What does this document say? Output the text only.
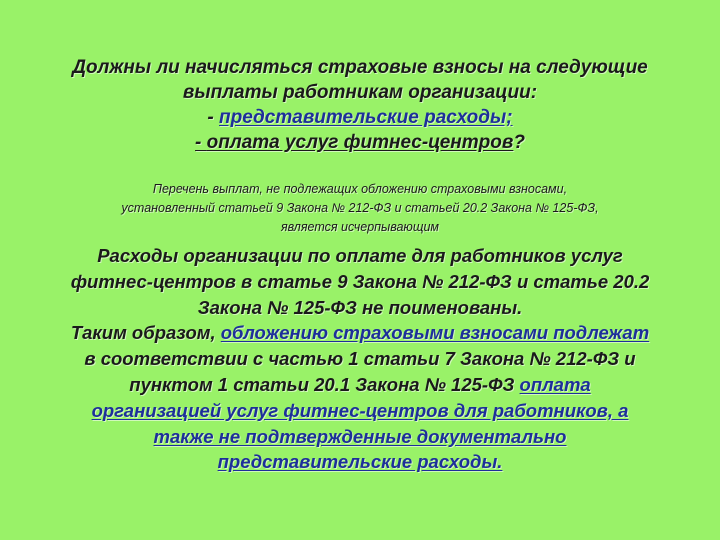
Должны ли начисляться страховые взносы на следующие
выплаты работникам организации:
- представительские расходы;
- оплата услуг фитнес-центров?
Перечень выплат, не подлежащих обложению страховыми взносами,
установленный статьей 9 Закона № 212-ФЗ и статьей 20.2 Закона № 125-ФЗ,
является исчерпывающим
Расходы организации по оплате для работников услуг
фитнес-центров в статье 9 Закона № 212-ФЗ и статье 20.2
Закона № 125-ФЗ не поименованы.
Таким образом, обложению страховыми взносами подлежат
в соответствии с частью 1 статьи 7 Закона № 212-ФЗ и
пунктом 1 статьи 20.1 Закона № 125-ФЗ оплата
организацией услуг фитнес-центров для работников, а
также не подтвержденные документально
представительские расходы.
